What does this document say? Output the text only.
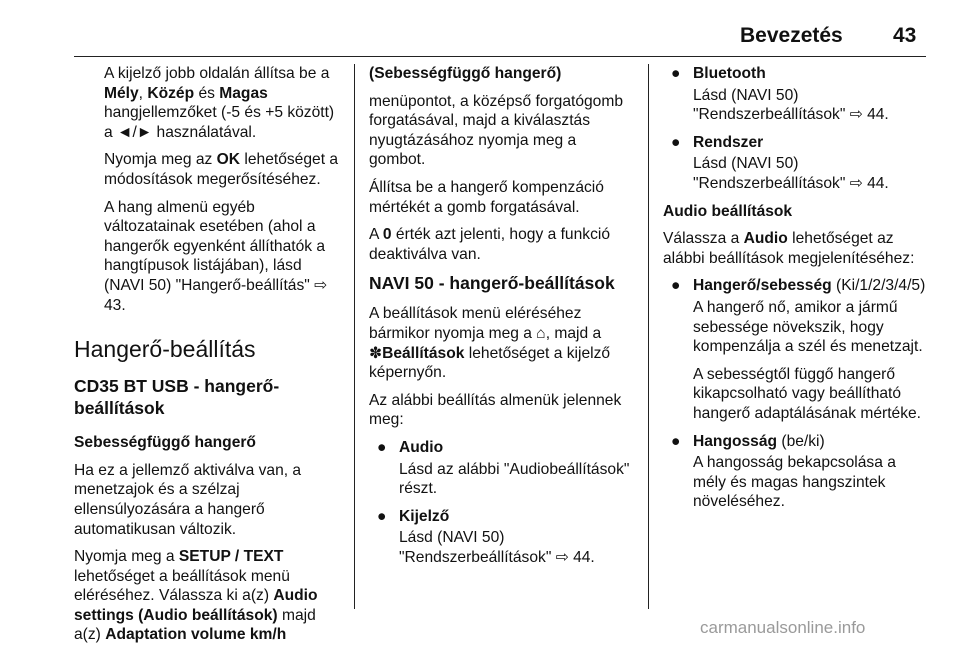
Bevezetés 43

A kijelző jobb oldalán állítsa be a Mély, Közép és Magas hangjellemzőket (-5 és +5 között) a ◄/► használatával.

Nyomja meg az OK lehetőséget a módosítások megerősítéséhez.

A hang almenü egyéb változatainak esetében (ahol a hangerők egyenként állíthatók a hangtípusok listájában), lásd (NAVI 50) "Hangerő-beállítás" ⇨ 43.

Hangerő-beállítás
CD35 BT USB - hangerő-beállítások

Sebességfüggő hangerő

Ha ez a jellemző aktiválva van, a menetzajok és a szélzaj ellensúlyozására a hangerő automatikusan változik.

Nyomja meg a SETUP / TEXT lehetőséget a beállítások menü eléréséhez. Válassza ki a(z) Audio settings (Audio beállítások) majd a(z) Adaptation volume km/h

(Sebességfüggő hangerő)

menüpontot, a középső forgatógomb forgatásával, majd a kiválasztás nyugtázásához nyomja meg a gombot.

Állítsa be a hangerő kompenzáció mértékét a gomb forgatásával.

A 0 érték azt jelenti, hogy a funkció deaktiválva van.

NAVI 50 - hangerő-beállítások

A beállítások menü eléréséhez bármikor nyomja meg a ⌂, majd a ✽Beállítások lehetőséget a kijelző képernyőn.

Az alábbi beállítás almenük jelennek meg:

● Audio
Lásd az alábbi "Audiobeállítások" részt.
● Kijelző
Lásd (NAVI 50) "Rendszerbeállítások" ⇨ 44.
● Bluetooth
Lásd (NAVI 50) "Rendszerbeállítások" ⇨ 44.
● Rendszer
Lásd (NAVI 50) "Rendszerbeállítások" ⇨ 44.

Audio beállítások

Válassza a Audio lehetőséget az alábbi beállítások megjelenítéséhez:

● Hangerő/sebesség (Ki/1/2/3/4/5)
A hangerő nő, amikor a jármű sebessége növekszik, hogy kompenzálja a szél és menetzajt.
A sebességtől függő hangerő kikapcsolható vagy beállítható hangerő adaptálásának mértéke.
● Hangosság (be/ki)
A hangosság bekapcsolása a mély és magas hangszintek növeléséhez.
carmanualsonline.info
